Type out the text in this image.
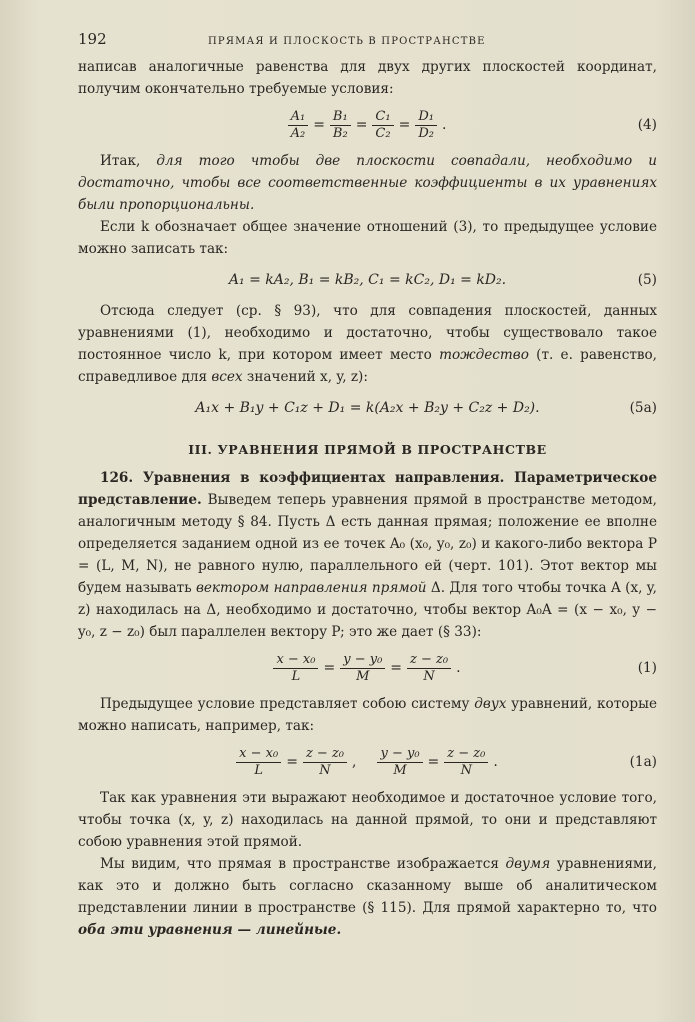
192	ПРЯМАЯ И ПЛОСКОСТЬ В ПРОСТРАНСТВЕ

написав аналогичные равенства для двух других плоскостей координат, получим окончательно требуемые условия:

$\frac{\text{A₁}}{\text{A₂}} = \frac{\text{B₁}}{\text{B₂}} = \frac{\text{C₁}}{\text{C₂}} = \frac{\text{D₁}}{\text{D₂}}$ .	(4)

Итак, для того чтобы две плоскости совпадали, необходимо и достаточно, чтобы все соответственные коэффициенты в их уравнениях были пропорциональны.

Если k обозначает общее значение отношений (3), то предыдущее условие можно записать так:

A₁ = kA₂, B₁ = kB₂, C₁ = kC₂, D₁ = kD₂.	(5)

Отсюда следует (ср. § 93), что для совпадения плоскостей, данных уравнениями (1), необходимо и достаточно, чтобы существовало такое постоянное число k, при котором имеет место тождество (т. е. равенство, справедливое для всех значений x, y, z):

A₁x + B₁y + C₁z + D₁ = k(A₂x + B₂y + C₂z + D₂).	(5a)
III. УРАВНЕНИЯ ПРЯМОЙ В ПРОСТРАНСТВЕ

126. Уравнения в коэффициентах направления. Параметрическое представление. Выведем теперь уравнения прямой в пространстве методом, аналогичным методу § 84. Пусть Δ есть данная прямая; положение ее вполне определяется заданием одной из ее точек A₀ (x₀, y₀, z₀) и какого-либо вектора P = (L, M, N), не равного нулю, параллельного ей (черт. 101). Этот вектор мы будем называть вектором направления прямой Δ. Для того чтобы точка A (x, y, z) находилась на Δ, необходимо и достаточно, чтобы вектор A₀A = (x − x₀, y − y₀, z − z₀) был параллелен вектору P; это же дает (§ 33):

$\frac{\text{x − x₀}}{L} = \frac{\text{y − y₀}}{M} = \frac{\text{z − z₀}}{N}$ .	(1)

Предыдущее условие представляет собою систему двух уравнений, которые можно написать, например, так:

$\frac{\text{x − x₀}}{L} = \frac{\text{z − z₀}}{N}$ , $\frac{\text{y − y₀}}{M} = \frac{\text{z − z₀}}{N}$ .	(1a)

Так как уравнения эти выражают необходимое и достаточное условие того, чтобы точка (x, y, z) находилась на данной прямой, то они и представляют собою уравнения этой прямой.

Мы видим, что прямая в пространстве изображается двумя уравнениями, как это и должно быть согласно сказанному выше об аналитическом представлении линии в пространстве (§ 115). Для прямой характерно то, что оба эти уравнения — линейные.
